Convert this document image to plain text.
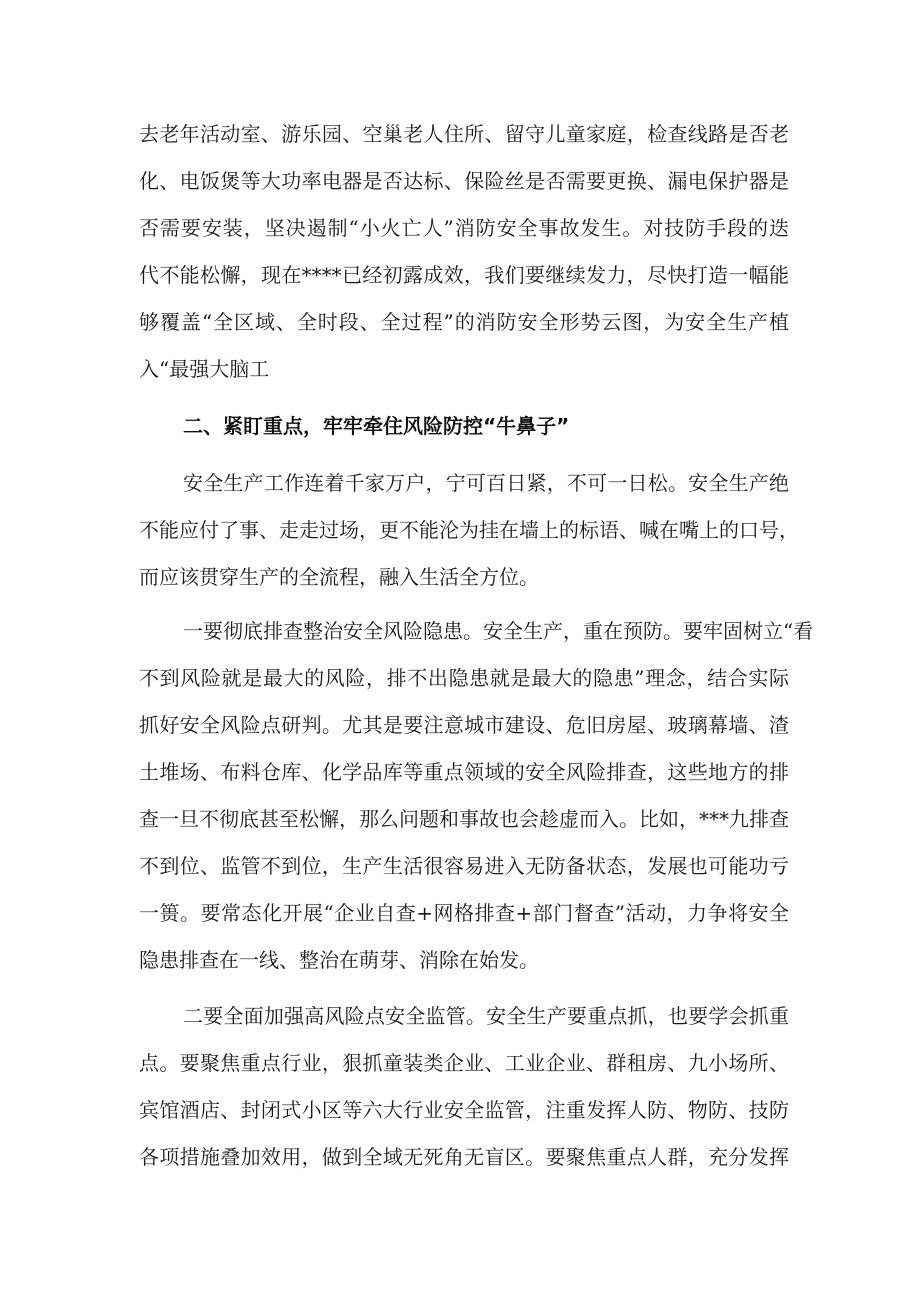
去老年活动室、游乐园、空巢老人住所、留守儿童家庭，检查线路是否老
化、电饭煲等大功率电器是否达标、保险丝是否需要更换、漏电保护器是
否需要安装，坚决遏制“小火亡人”消防安全事故发生。对技防手段的迭
代不能松懈，现在****已经初露成效，我们要继续发力，尽快打造一幅能
够覆盖“全区域、全时段、全过程”的消防安全形势云图，为安全生产植
入“最强大脑工
二、紧盯重点，牢牢牵住风险防控“牛鼻子”
安全生产工作连着千家万户，宁可百日紧，不可一日松。安全生产绝
不能应付了事、走走过场，更不能沦为挂在墙上的标语、喊在嘴上的口号，
而应该贯穿生产的全流程，融入生活全方位。
一要彻底排查整治安全风险隐患。安全生产，重在预防。要牢固树立“看
不到风险就是最大的风险，排不出隐患就是最大的隐患”理念，结合实际
抓好安全风险点研判。尤其是要注意城市建设、危旧房屋、玻璃幕墙、渣
土堆场、布料仓库、化学品库等重点领域的安全风险排查，这些地方的排
查一旦不彻底甚至松懈，那么问题和事故也会趁虚而入。比如，***九排查
不到位、监管不到位，生产生活很容易进入无防备状态，发展也可能功亏
一篑。要常态化开展“企业自查+网格排查+部门督查”活动，力争将安全
隐患排查在一线、整治在萌芽、消除在始发。
二要全面加强高风险点安全监管。安全生产要重点抓，也要学会抓重
点。要聚焦重点行业，狠抓童装类企业、工业企业、群租房、九小场所、
宾馆酒店、封闭式小区等六大行业安全监管，注重发挥人防、物防、技防
各项措施叠加效用，做到全域无死角无盲区。要聚焦重点人群，充分发挥
